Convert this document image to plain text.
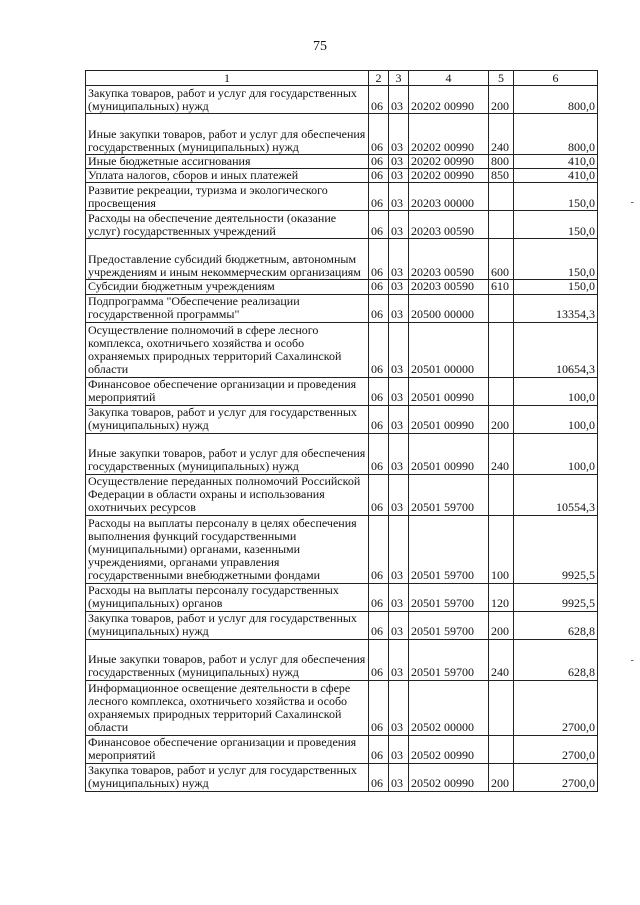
75
1	2	3	4	5	6
Закупка товаров, работ и услуг для государственных (муниципальных) нужд	06	03	20202 00990	200	800,0
Иные закупки товаров, работ и услуг для обеспечения государственных (муниципальных) нужд	06	03	20202 00990	240	800,0
Иные бюджетные ассигнования	06	03	20202 00990	800	410,0
Уплата налогов, сборов и иных платежей	06	03	20202 00990	850	410,0
Развитие рекреации, туризма и экологического просвещения	06	03	20203 00000		150,0
Расходы на обеспечение деятельности (оказание услуг) государственных учреждений	06	03	20203 00590		150,0
Предоставление субсидий бюджетным, автономным учреждениям и иным некоммерческим организациям	06	03	20203 00590	600	150,0
Субсидии бюджетным учреждениям	06	03	20203 00590	610	150,0
Подпрограмма "Обеспечение реализации государственной программы"	06	03	20500 00000		13354,3
Осуществление полномочий в сфере лесного комплекса, охотничьего хозяйства и особо охраняемых природных территорий Сахалинской области	06	03	20501 00000		10654,3
Финансовое обеспечение организации и проведения мероприятий	06	03	20501 00990		100,0
Закупка товаров, работ и услуг для государственных (муниципальных) нужд	06	03	20501 00990	200	100,0
Иные закупки товаров, работ и услуг для обеспечения государственных (муниципальных) нужд	06	03	20501 00990	240	100,0
Осуществление переданных полномочий Российской Федерации в области охраны и использования охотничьих ресурсов	06	03	20501 59700		10554,3
Расходы на выплаты персоналу в целях обеспечения выполнения функций государственными (муниципальными) органами, казенными учреждениями, органами управления государственными внебюджетными фондами	06	03	20501 59700	100	9925,5
Расходы на выплаты персоналу государственных (муниципальных) органов	06	03	20501 59700	120	9925,5
Закупка товаров, работ и услуг для государственных (муниципальных) нужд	06	03	20501 59700	200	628,8
Иные закупки товаров, работ и услуг для обеспечения государственных (муниципальных) нужд	06	03	20501 59700	240	628,8
Информационное освещение деятельности в сфере лесного комплекса, охотничьего хозяйства и особо охраняемых природных территорий Сахалинской области	06	03	20502 00000		2700,0
Финансовое обеспечение организации и проведения мероприятий	06	03	20502 00990		2700,0
Закупка товаров, работ и услуг для государственных (муниципальных) нужд	06	03	20502 00990	200	2700,0
-
-
